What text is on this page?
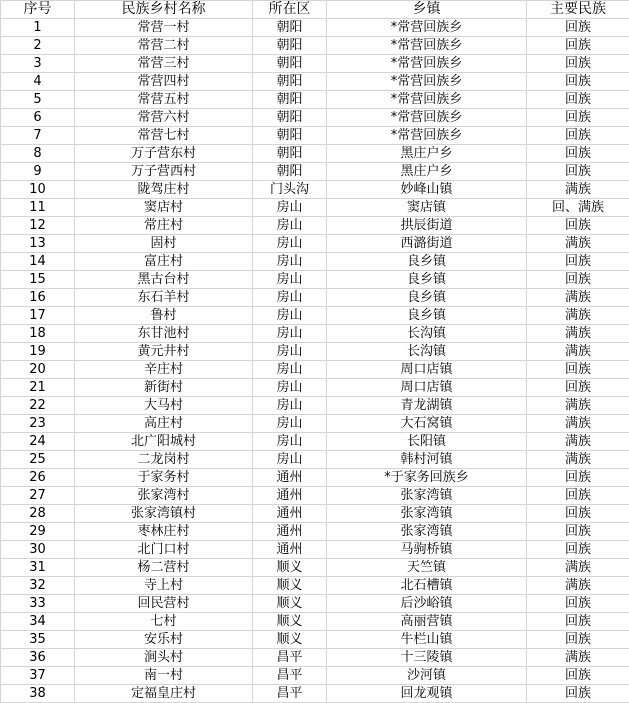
序号	民族乡村名称	所在区	乡镇	主要民族
1	常营一村	朝阳	*常营回族乡	回族
2	常营二村	朝阳	*常营回族乡	回族
3	常营三村	朝阳	*常营回族乡	回族
4	常营四村	朝阳	*常营回族乡	回族
5	常营五村	朝阳	*常营回族乡	回族
6	常营六村	朝阳	*常营回族乡	回族
7	常营七村	朝阳	*常营回族乡	回族
8	万子营东村	朝阳	黑庄户乡	回族
9	万子营西村	朝阳	黑庄户乡	回族
10	陇驾庄村	门头沟	妙峰山镇	满族
11	窦店村	房山	窦店镇	回、满族
12	常庄村	房山	拱辰街道	回族
13	固村	房山	西潞街道	满族
14	富庄村	房山	良乡镇	回族
15	黑古台村	房山	良乡镇	回族
16	东石羊村	房山	良乡镇	满族
17	鲁村	房山	良乡镇	满族
18	东甘池村	房山	长沟镇	满族
19	黄元井村	房山	长沟镇	满族
20	辛庄村	房山	周口店镇	回族
21	新街村	房山	周口店镇	回族
22	大马村	房山	青龙湖镇	满族
23	高庄村	房山	大石窝镇	满族
24	北广阳城村	房山	长阳镇	满族
25	二龙岗村	房山	韩村河镇	满族
26	于家务村	通州	*于家务回族乡	回族
27	张家湾村	通州	张家湾镇	回族
28	张家湾镇村	通州	张家湾镇	回族
29	枣林庄村	通州	张家湾镇	回族
30	北门口村	通州	马驹桥镇	回族
31	杨二营村	顺义	天竺镇	满族
32	寺上村	顺义	北石槽镇	满族
33	回民营村	顺义	后沙峪镇	回族
34	七村	顺义	高丽营镇	回族
35	安乐村	顺义	牛栏山镇	回族
36	涧头村	昌平	十三陵镇	满族
37	南一村	昌平	沙河镇	回族
38	定福皇庄村	昌平	回龙观镇	回族
